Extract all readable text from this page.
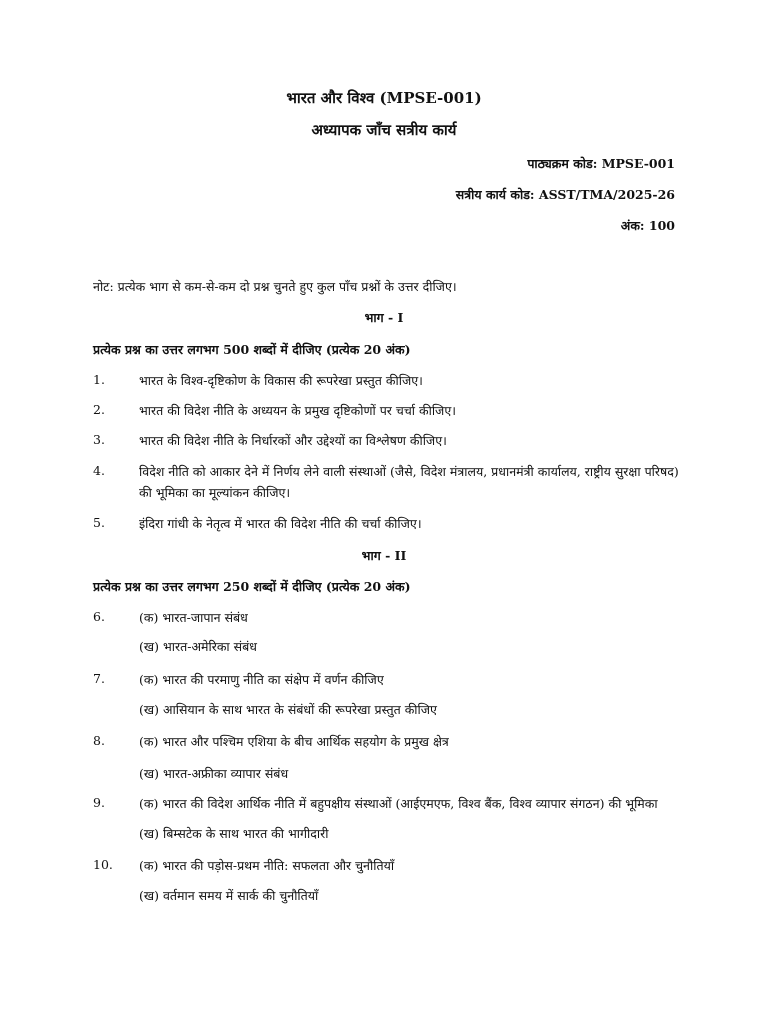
भारत और विश्व (MPSE-001)
अध्यापक जाँच सत्रीय कार्य
पाठ्यक्रम कोड: MPSE-001
सत्रीय कार्य कोड: ASST/TMA/2025-26
अंक: 100
नोट: प्रत्येक भाग से कम-से-कम दो प्रश्न चुनते हुए कुल पाँच प्रश्नों के उत्तर दीजिए।
भाग - I
प्रत्येक प्रश्न का उत्तर लगभग 500 शब्दों में दीजिए (प्रत्येक 20 अंक)
1.	भारत के विश्व-दृष्टिकोण के विकास की रूपरेखा प्रस्तुत कीजिए।
2.	भारत की विदेश नीति के अध्ययन के प्रमुख दृष्टिकोणों पर चर्चा कीजिए।
3.	भारत की विदेश नीति के निर्धारकों और उद्देश्यों का विश्लेषण कीजिए।
4.	विदेश नीति को आकार देने में निर्णय लेने वाली संस्थाओं (जैसे, विदेश मंत्रालय, प्रधानमंत्री कार्यालय, राष्ट्रीय सुरक्षा परिषद) की भूमिका का मूल्यांकन कीजिए।
5.	इंदिरा गांधी के नेतृत्व में भारत की विदेश नीति की चर्चा कीजिए।
भाग - II
प्रत्येक प्रश्न का उत्तर लगभग 250 शब्दों में दीजिए (प्रत्येक 20 अंक)
6.	(क) भारत-जापान संबंध
(ख) भारत-अमेरिका संबंध
7.	(क) भारत की परमाणु नीति का संक्षेप में वर्णन कीजिए
(ख) आसियान के साथ भारत के संबंधों की रूपरेखा प्रस्तुत कीजिए
8.	(क) भारत और पश्चिम एशिया के बीच आर्थिक सहयोग के प्रमुख क्षेत्र
(ख) भारत-अफ्रीका व्यापार संबंध
9.	(क) भारत की विदेश आर्थिक नीति में बहुपक्षीय संस्थाओं (आईएमएफ, विश्व बैंक, विश्व व्यापार संगठन) की भूमिका
(ख) बिम्सटेक के साथ भारत की भागीदारी
10. (क) भारत की पड़ोस-प्रथम नीति: सफलता और चुनौतियाँ
(ख) वर्तमान समय में सार्क की चुनौतियाँ
